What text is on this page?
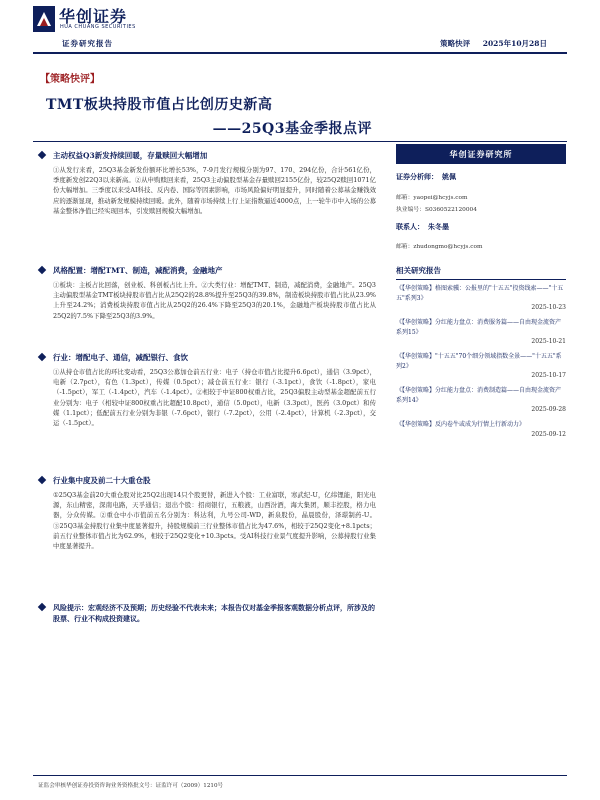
华创证券
HUA CHUANG SECURITIES
证券研究报告	策略快评 2025年10月28日
【策略快评】
TMT板块持股市值占比创历史新高
——25Q3基金季报点评
主动权益Q3新发持续回暖，存量赎回大幅增加
①从发行来看，25Q3基金新发份额环比增长53%，7-9月发行规模分别为97、170、294亿份，合计561亿份，季度新发创22Q3以来新高。②从申购赎回来看，25Q3主动偏股型基金存量赎回2155亿份，较25Q2赎回1071亿份大幅增加。三季度以来受AI科技、反内卷、国际等因素影响，市场风险偏好明显提升，同时随着公募基金赚钱效应的逐渐显现，推动新发规模持续回暖。此外，随着市场持续上行上证指数逼近4000点，上一轮牛市中入场的公募基金整体净值已经实现回本，引发赎回规模大幅增加。
风格配置：增配TMT、制造，减配消费，金融地产
①板块：主板占比回落，创业板、科创板占比上升。②大类行业：增配TMT、制造，减配消费，金融地产。25Q3主动偏股型基金TMT板块持股市值占比从25Q2的28.8%提升至25Q3的39.8%，制造板块持股市值占比从23.9%上升至24.2%；消费板块持股市值占比从25Q2的26.4%下降至25Q3的20.1%，金融地产板块持股市值占比从25Q2的7.5%下降至25Q3的3.9%。
行业：增配电子、通信，减配银行、食饮
①从持仓市值占比的环比变动看，25Q3公募加仓前五行业：电子（持仓市值占比提升6.6pct），通信（3.9pct），电新（2.7pct），有色（1.3pct），传媒（0.5pct）；减仓前五行业：银行（-3.1pct），食饮（-1.8pct），家电（-1.5pct），军工（-1.4pct），汽车（-1.4pct）。②相较于中证800权重占比，25Q3偏股主动型基金超配前五行业分别为：电子（相较中证800权重占比超配10.8pct），通信（5.0pct），电新（3.3pct），医药（3.0pct）和传媒（1.1pct）；低配前五行业分别为非银（-7.6pct），银行（-7.2pct），公用（-2.4pct），计算机（-2.3pct），交运（-1.5pct）。
行业集中度及前二十大重仓股
①25Q3基金前20大重仓股对比25Q2出现14只个股更替，新进入个股：工业富联，寒武纪-U，亿纬锂能，阳光电源，东山精密，深南电路，天孚通信；退出个股：招商银行，五粮液，山西汾酒，海大集团，顺丰控股，格力电器，分众传媒。②重仓中小市值前五名分别为：科达利，九号公司-WD，新泉股份，晶晨股份，泽璟制药-U。③25Q3基金持股行业集中度显著提升，持股规模前三行业整体市值占比为47.6%，相较于25Q2变化+8.1pcts；前五行业整体市值占比为62.9%，相较于25Q2变化+10.3pcts。受AI科技行业景气度提升影响，公募持股行业集中度显著提升。
风险提示：宏观经济不及预期；历史经验不代表未来；本报告仅对基金季报客观数据分析点评，所涉及的股票、行业不构成投资建议。
华创证券研究所
证券分析师： 姚佩
邮箱：yaopei@hcyjs.com
执业编号：S0360522120004
联系人： 朱冬墨
邮箱：zhudongmo@hcyjs.com
相关研究报告
《【华创策略】格图索骥：公报里的"十五五"投资线索——"十五五"系列3》
2025-10-23
《【华创策略】分红能力盘点：消费服务篇——自由现金流资产系列15》
2025-10-21
《【华创策略】"十五五"70个细分领域指数全景——"十五五"系列2》
2025-10-17
《【华创策略】分红能力盘点：消费制造篇——自由现金流资产系列14》
2025-09-28
《【华创策略】反内卷牛或成为行情上行新动力》
2025-09-12
证监会审核华创证券投资咨询业务资格批文号：证监许可（2009）1210号
